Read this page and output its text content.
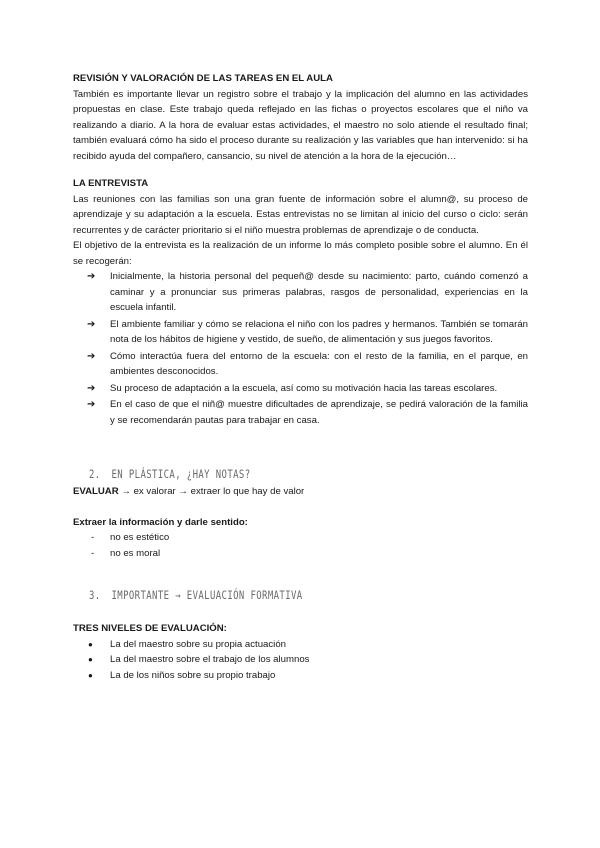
REVISIÓN Y VALORACIÓN DE LAS TAREAS EN EL AULA

También es importante llevar un registro sobre el trabajo y la implicación del alumno en las actividades propuestas en clase. Este trabajo queda reflejado en las fichas o proyectos escolares que el niño va realizando a diario. A la hora de evaluar estas actividades, el maestro no solo atiende el resultado final; también evaluará cómo ha sido el proceso durante su realización y las variables que han intervenido: si ha recibido ayuda del compañero, cansancio, su nivel de atención a la hora de la ejecución…

LA ENTREVISTA

Las reuniones con las familias son una gran fuente de información sobre el alumn@, su proceso de aprendizaje y su adaptación a la escuela. Estas entrevistas no se limitan al inicio del curso o ciclo: serán recurrentes y de carácter prioritario si el niño muestra problemas de aprendizaje o de conducta.

El objetivo de la entrevista es la realización de un informe lo más completo posible sobre el alumno. En él se recogerán:

➔ Inicialmente, la historia personal del pequeñ@ desde su nacimiento: parto, cuándo comenzó a caminar y a pronunciar sus primeras palabras, rasgos de personalidad, experiencias en la escuela infantil.
➔ El ambiente familiar y cómo se relaciona el niño con los padres y hermanos. También se tomarán nota de los hábitos de higiene y vestido, de sueño, de alimentación y sus juegos favoritos.
➔ Cómo interactúa fuera del entorno de la escuela: con el resto de la familia, en el parque, en ambientes desconocidos.
➔ Su proceso de adaptación a la escuela, así como su motivación hacia las tareas escolares.
➔ En el caso de que el niñ@ muestre dificultades de aprendizaje, se pedirá valoración de la familia y se recomendarán pautas para trabajar en casa.
2. EN PLÁSTICA, ¿HAY NOTAS?

EVALUAR → ex valorar → extraer lo que hay de valor

Extraer la información y darle sentido:
- no es estético
- no es moral
3. IMPORTANTE → EVALUACIÓN FORMATIVA
TRES NIVELES DE EVALUACIÓN:
● La del maestro sobre su propia actuación
● La del maestro sobre el trabajo de los alumnos
● La de los niños sobre su propio trabajo
